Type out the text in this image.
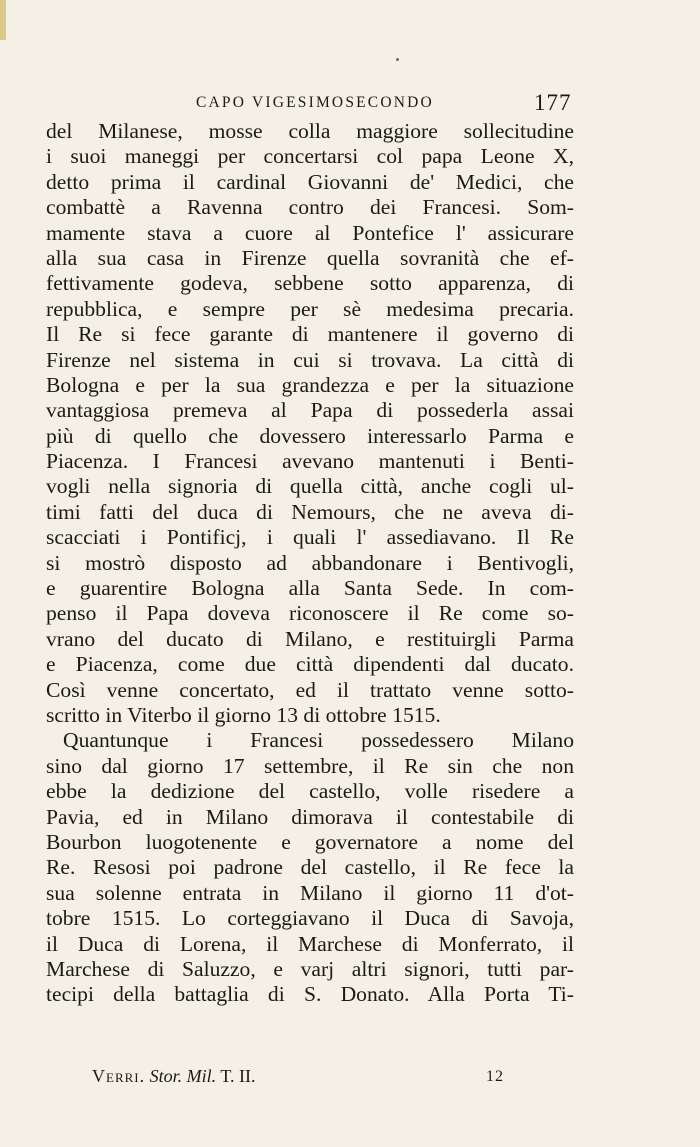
CAPO VIGESIMOSECONDO	177
del Milanese, mosse colla maggiore sollecitudine
i suoi maneggi per concertarsi col papa Leone X,
detto prima il cardinal Giovanni de' Medici, che
combattè a Ravenna contro dei Francesi. Som-
mamente stava a cuore al Pontefice l' assicurare
alla sua casa in Firenze quella sovranità che ef-
fettivamente godeva, sebbene sotto apparenza, di
repubblica, e sempre per sè medesima precaria.
Il Re si fece garante di mantenere il governo di
Firenze nel sistema in cui si trovava. La città di
Bologna e per la sua grandezza e per la situazione
vantaggiosa premeva al Papa di possederla assai
più di quello che dovessero interessarlo Parma e
Piacenza. I Francesi avevano mantenuti i Benti-
vogli nella signoria di quella città, anche cogli ul-
timi fatti del duca di Nemours, che ne aveva di-
scacciati i Pontificj, i quali l' assediavano. Il Re
si mostrò disposto ad abbandonare i Bentivogli,
e guarentire Bologna alla Santa Sede. In com-
penso il Papa doveva riconoscere il Re come so-
vrano del ducato di Milano, e restituirgli Parma
e Piacenza, come due città dipendenti dal ducato.
Così venne concertato, ed il trattato venne sotto-
scritto in Viterbo il giorno 13 di ottobre 1515.
Quantunque i Francesi possedessero Milano
sino dal giorno 17 settembre, il Re sin che non
ebbe la dedizione del castello, volle risedere a
Pavia, ed in Milano dimorava il contestabile di
Bourbon luogotenente e governatore a nome del
Re. Resosi poi padrone del castello, il Re fece la
sua solenne entrata in Milano il giorno 11 d'ot-
tobre 1515. Lo corteggiavano il Duca di Savoja,
il Duca di Lorena, il Marchese di Monferrato, il
Marchese di Saluzzo, e varj altri signori, tutti par-
tecipi della battaglia di S. Donato. Alla Porta Ti-
Verri. Stor. Mil. T. II.	12
